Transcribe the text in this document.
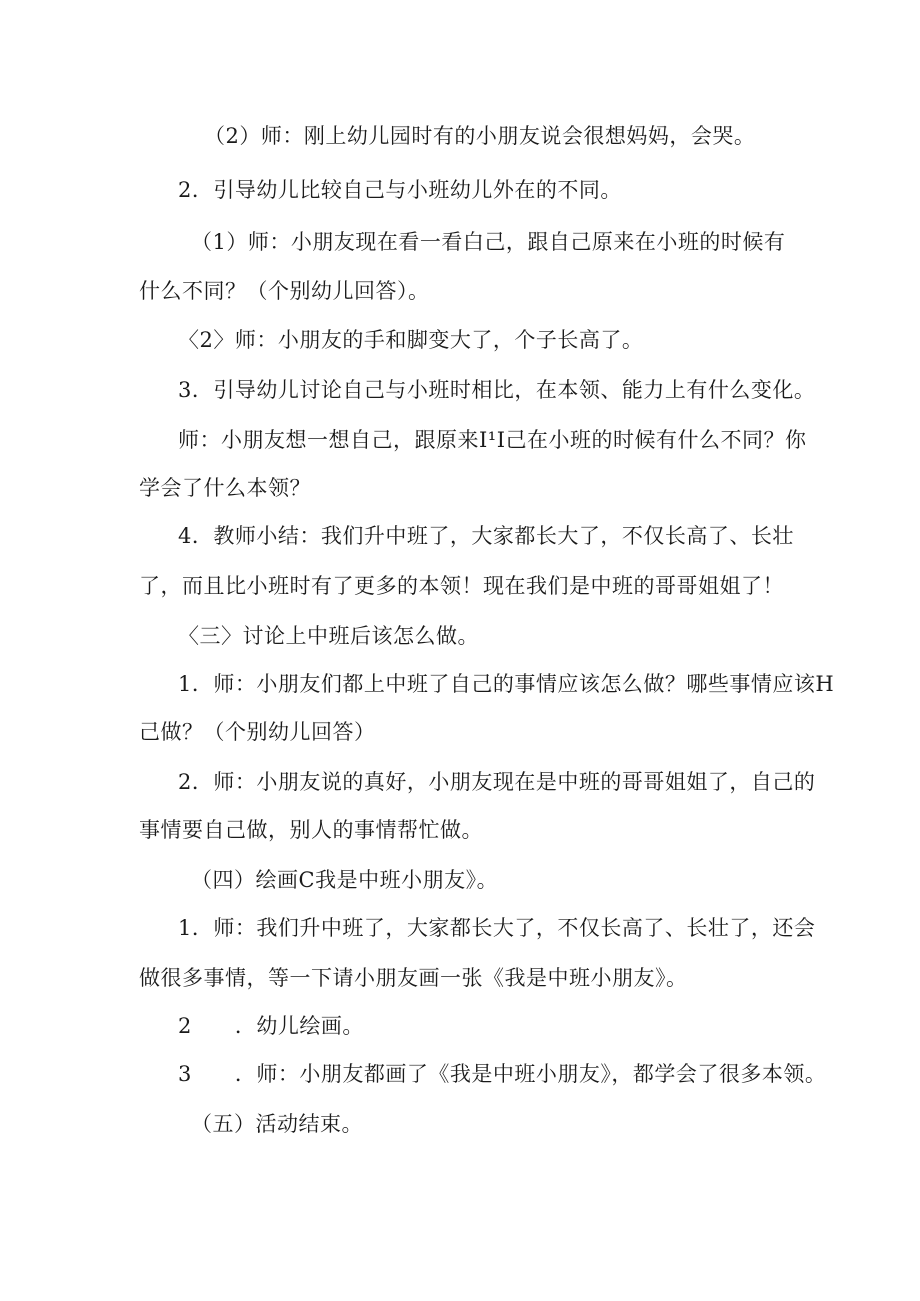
（2）师：刚上幼儿园时有的小朋友说会很想妈妈，会哭。
2．引导幼儿比较自己与小班幼儿外在的不同。
（1）师：小朋友现在看一看白己，跟自己原来在小班的时候有
什么不同？（个别幼儿回答）。
〈2〉师：小朋友的手和脚变大了，个子长高了。
3．引导幼儿讨论自己与小班时相比，在本领、能力上有什么变化。
师：小朋友想一想自己，跟原来I¹I己在小班的时候有什么不同？你
学会了什么本领？
4．教师小结：我们升中班了，大家都长大了，不仅长高了、长壮
了，而且比小班时有了更多的本领！现在我们是中班的哥哥姐姐了！
〈三〉讨论上中班后该怎么做。
1．师：小朋友们都上中班了自己的事情应该怎么做？哪些事情应该H
己做？（个别幼儿回答）
2．师：小朋友说的真好，小朋友现在是中班的哥哥姐姐了，自己的
事情要自己做，别人的事情帮忙做。
（四）绘画C我是中班小朋友》。
1．师：我们升中班了，大家都长大了，不仅长高了、长壮了，还会
做很多事情，等一下请小朋友画一张《我是中班小朋友》。
2　　．幼儿绘画。
3　　．师：小朋友都画了《我是中班小朋友》，都学会了很多本领。
（五）活动结束。
